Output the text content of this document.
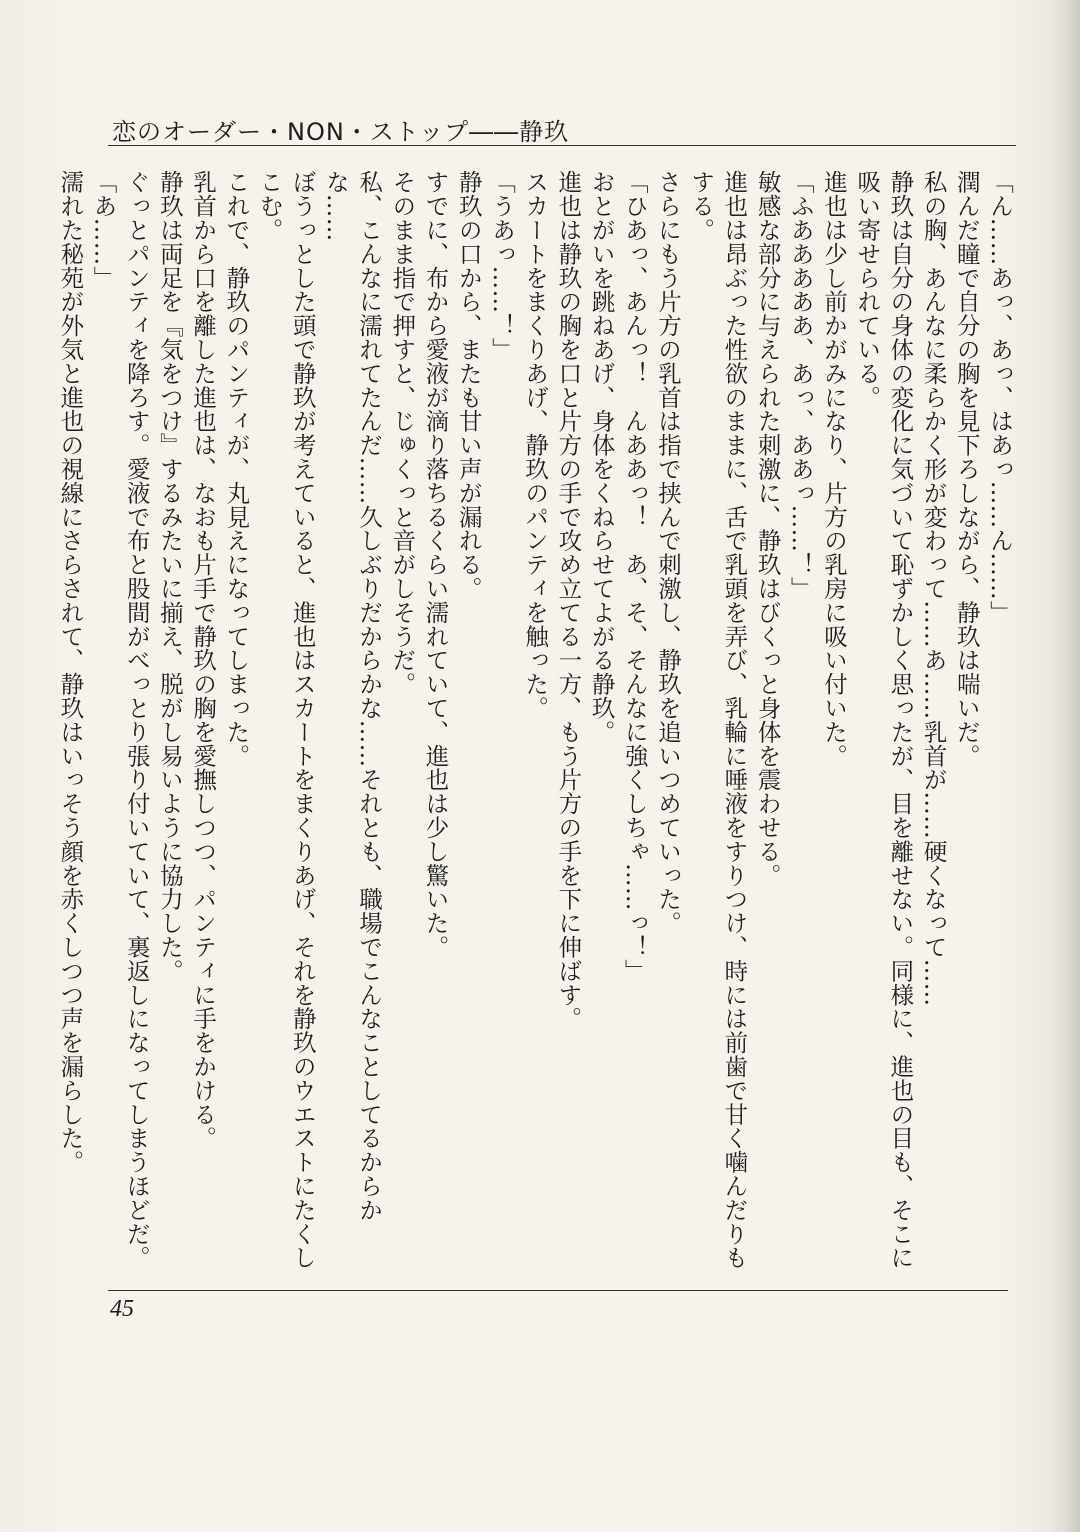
恋のオーダー・NON・ストップ――静玖

「ん……あっ、あっ、はあっ……ん……」

潤んだ瞳で自分の胸を見下ろしながら、静玖は喘いだ。

私の胸、あんなに柔らかく形が変わって……あ……乳首が……硬くなって……

静玖は自分の身体の変化に気づいて恥ずかしく思ったが、目を離せない。同様に、進也の目も、そこに吸い寄せられている。

進也は少し前かがみになり、片方の乳房に吸い付いた。

「ふあああああ、あっ、ああっ……！」

敏感な部分に与えられた刺激に、静玖はびくっと身体を震わせる。

進也は昂ぶった性欲のままに、舌で乳頭を弄び、乳輪に唾液をすりつけ、時には前歯で甘く噛んだりもする。

さらにもう片方の乳首は指で挟んで刺激し、静玖を追いつめていった。

「ひあっ、あんっ！　んああっ！　あ、そ、そんなに強くしちゃ……っ！」

おとがいを跳ねあげ、身体をくねらせてよがる静玖。

進也は静玖の胸を口と片方の手で攻め立てる一方、もう片方の手を下に伸ばす。

スカートをまくりあげ、静玖のパンティを触った。

「うあっ……！」

静玖の口から、またも甘い声が漏れる。

すでに、布から愛液が滴り落ちるくらい濡れていて、進也は少し驚いた。

そのまま指で押すと、じゅくっと音がしそうだ。

私、こんなに濡れてたんだ……久しぶりだからかな……それとも、職場でこんなことしてるからかな……

ぼうっとした頭で静玖が考えていると、進也はスカートをまくりあげ、それを静玖のウエストにたくしこむ。

これで、静玖のパンティが、丸見えになってしまった。

乳首から口を離した進也は、なおも片手で静玖の胸を愛撫しつつ、パンティに手をかける。

静玖は両足を『気をつけ』するみたいに揃え、脱がし易いように協力した。

ぐっとパンティを降ろす。愛液で布と股間がべっとり張り付いていて、裏返しになってしまうほどだ。

「あ……」

濡れた秘苑が外気と進也の視線にさらされて、静玖はいっそう顔を赤くしつつ声を漏らした。

45
